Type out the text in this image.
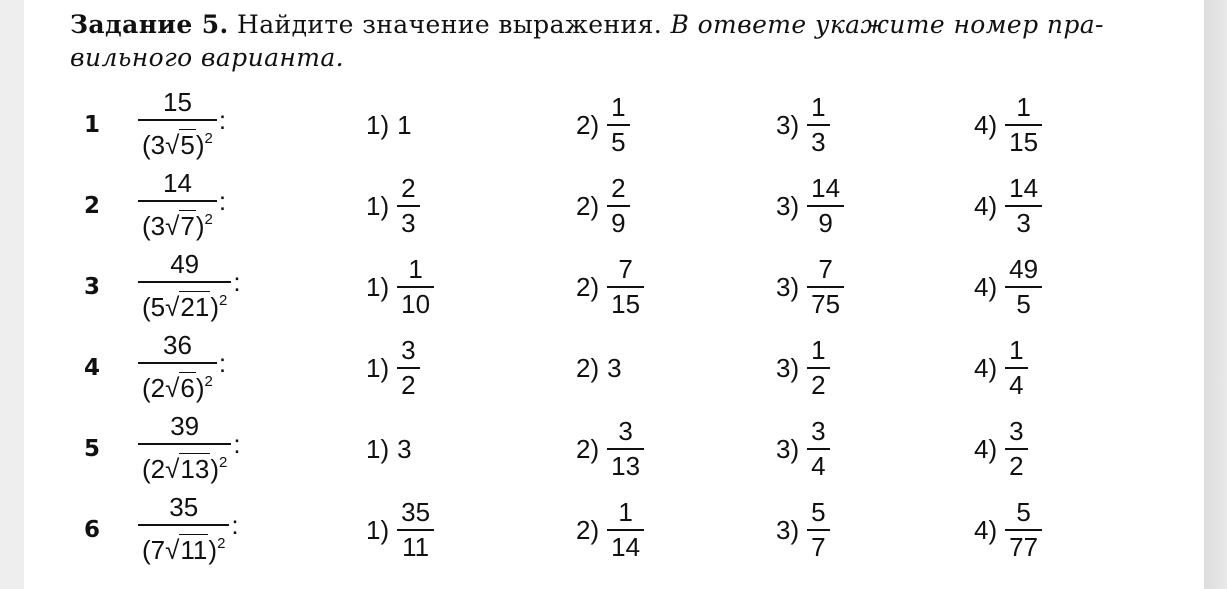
Задание 5. Найдите значение выражения. В ответе укажите номер пра-
вильного варианта.
$1 \frac{15}{(3√5)^2}$ :	1) 1	$2) \frac{1}{5}$	$3) \frac{1}{3}$	$4) \frac{1}{15}$
$2 \frac{14}{(3√7)^2}$ :	$1) \frac{2}{3}$	$2) \frac{2}{9}$	$3) \frac{14}{9}$	$4) \frac{14}{3}$
$3 \frac{49}{(5√21)^2}$ :	$1) \frac{1}{10}$	$2) \frac{7}{15}$	$3) \frac{7}{75}$	$4) \frac{49}{5}$
$4 \frac{36}{(2√6)^2}$ :	$1) \frac{3}{2}$	2) 3	$3) \frac{1}{2}$	$4) \frac{1}{4}$
$5 \frac{39}{(2√13)^2}$ :	1) 3	$2) \frac{3}{13}$	$3) \frac{3}{4}$	$4) \frac{3}{2}$
$6 \frac{35}{(7√11)^2}$ :	$1) \frac{35}{11}$	$2) \frac{1}{14}$	$3) \frac{5}{7}$	$4) \frac{5}{77}$
